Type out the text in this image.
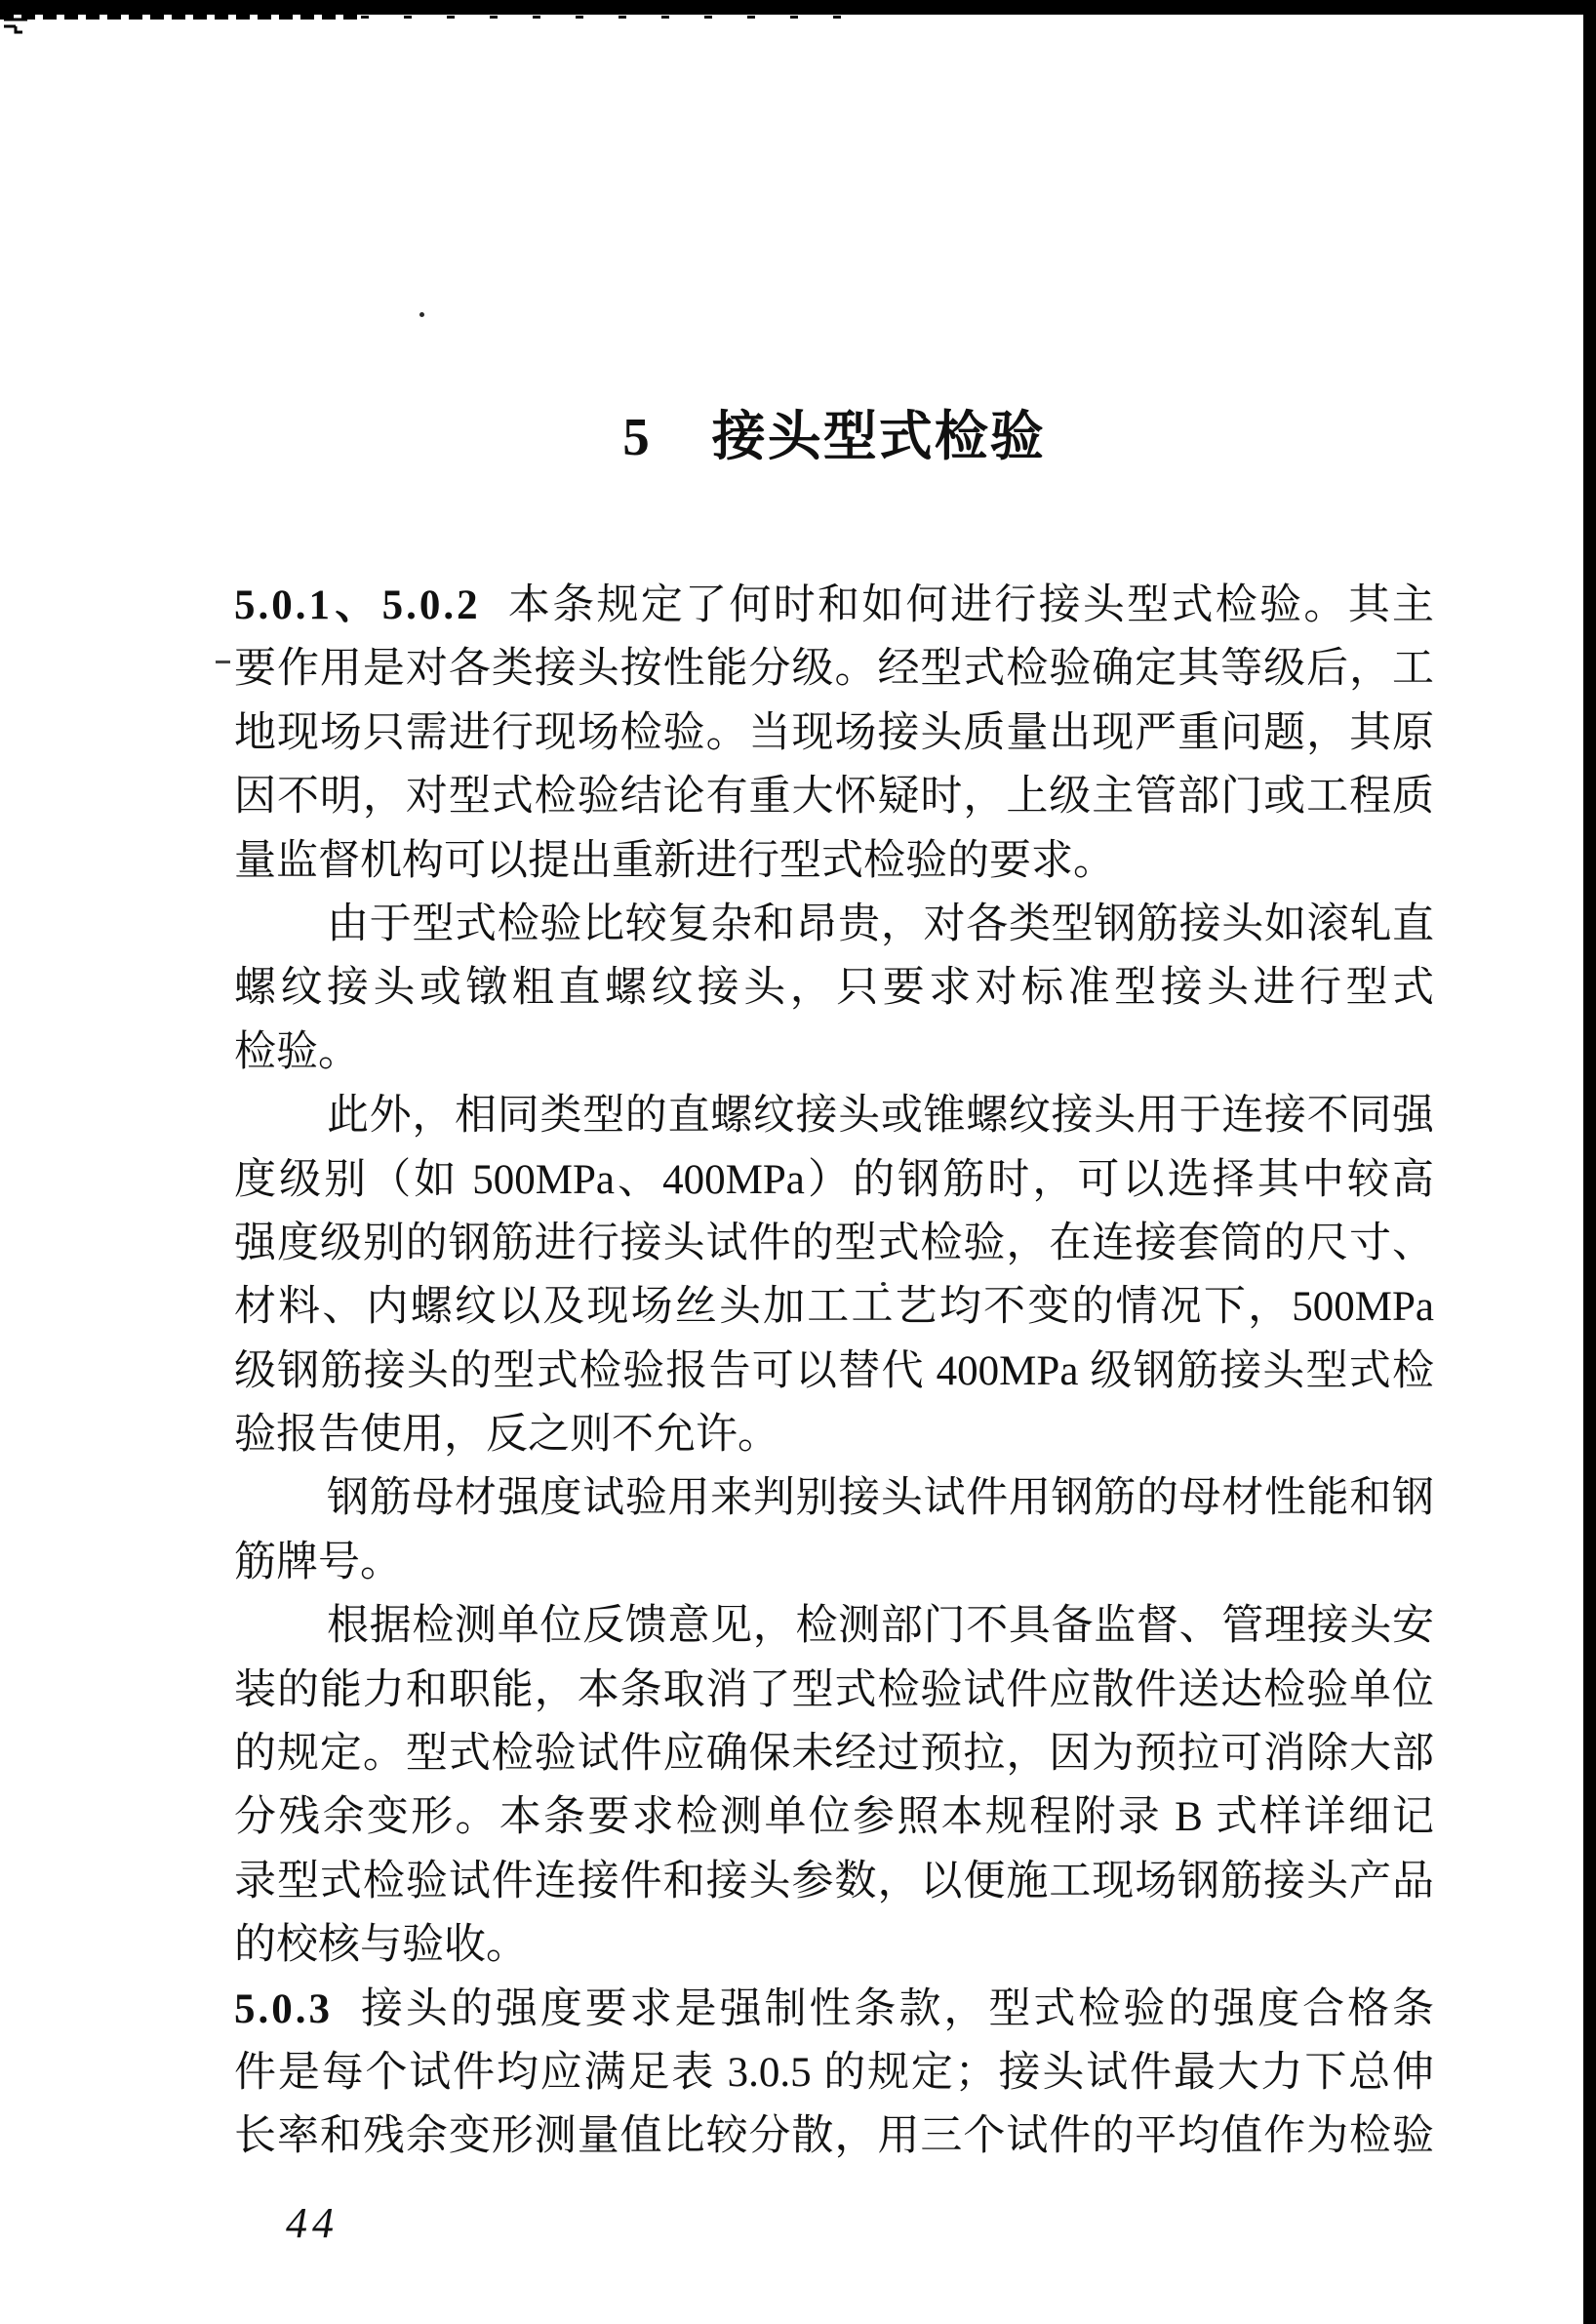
5 接头型式检验
5.0.1、5.0.2 本条规定了何时和如何进行接头型式检验。其主
要作用是对各类接头按性能分级。经型式检验确定其等级后，工
地现场只需进行现场检验。当现场接头质量出现严重问题，其原
因不明，对型式检验结论有重大怀疑时，上级主管部门或工程质
量监督机构可以提出重新进行型式检验的要求。
由于型式检验比较复杂和昂贵，对各类型钢筋接头如滚轧直
螺纹接头或镦粗直螺纹接头，只要求对标准型接头进行型式
检验。
此外，相同类型的直螺纹接头或锥螺纹接头用于连接不同强
度级别（如 500MPa、400MPa）的钢筋时，可以选择其中较高
强度级别的钢筋进行接头试件的型式检验，在连接套筒的尺寸、
材料、内螺纹以及现场丝头加工工艺均不变的情况下，500MPa
级钢筋接头的型式检验报告可以替代 400MPa 级钢筋接头型式检
验报告使用，反之则不允许。
钢筋母材强度试验用来判别接头试件用钢筋的母材性能和钢
筋牌号。
根据检测单位反馈意见，检测部门不具备监督、管理接头安
装的能力和职能，本条取消了型式检验试件应散件送达检验单位
的规定。型式检验试件应确保未经过预拉，因为预拉可消除大部
分残余变形。本条要求检测单位参照本规程附录 B 式样详细记
录型式检验试件连接件和接头参数，以便施工现场钢筋接头产品
的校核与验收。
5.0.3 接头的强度要求是强制性条款，型式检验的强度合格条
件是每个试件均应满足表 3.0.5 的规定；接头试件最大力下总伸
长率和残余变形测量值比较分散，用三个试件的平均值作为检验
44
